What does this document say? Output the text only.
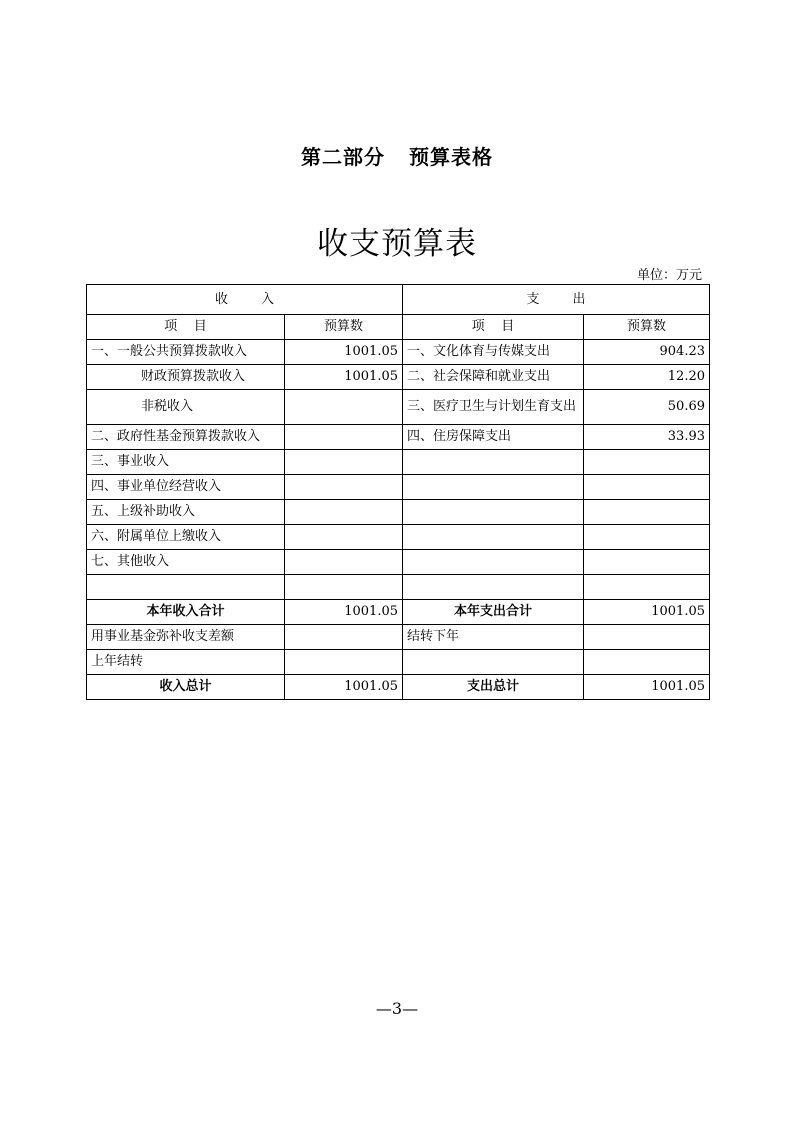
第二部分  预算表格
收支预算表
单位：万元
收        入		支        出	
项    目	预算数	项    目	预算数
一、一般公共预算拨款收入	1001.05	一、文化体育与传媒支出	904.23
财政预算拨款收入	1001.05	二、社会保障和就业支出	12.20
非税收入		三、医疗卫生与计划生育支出	50.69
二、政府性基金预算拨款收入		四、住房保障支出	33.93
三、事业收入			
四、事业单位经营收入			
五、上级补助收入			
六、附属单位上缴收入			
七、其他收入			

本年收入合计	1001.05	本年支出合计	1001.05
用事业基金弥补收支差额		结转下年	
上年结转			
收入总计	1001.05	支出总计	1001.05
—3—
